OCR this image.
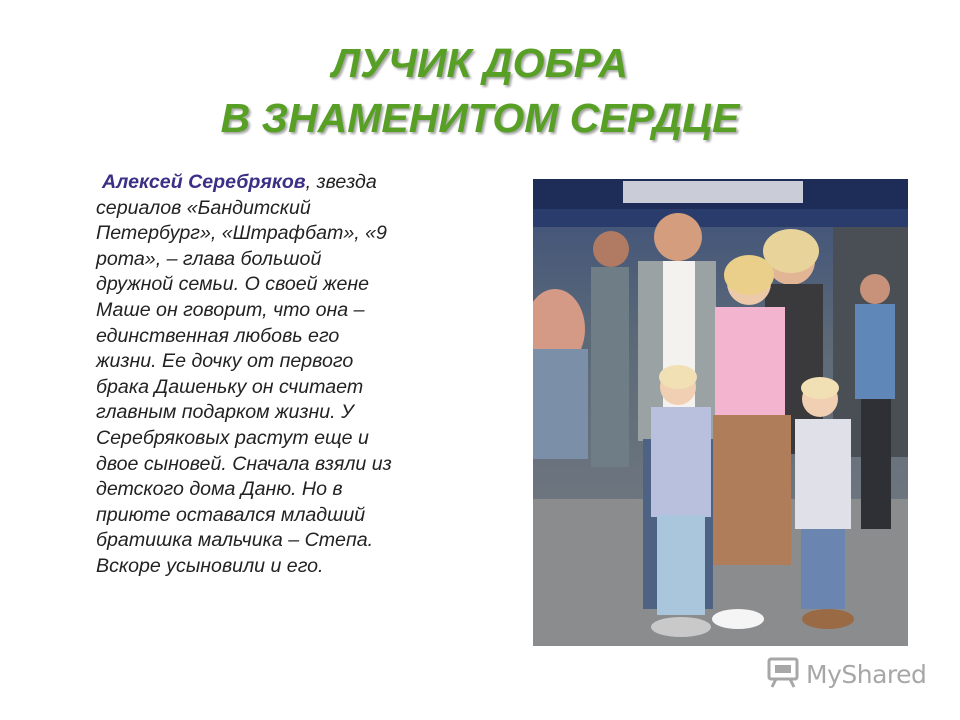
ЛУЧИК ДОБРА
В ЗНАМЕНИТОМ СЕРДЦЕ
Алексей Серебряков, звезда
сериалов «Бандитский
Петербург», «Штрафбат», «9
рота», – глава большой
дружной семьи. О своей жене
Маше он говорит, что она –
единственная любовь его
жизни. Ее дочку от первого
брака Дашеньку он считает
главным подарком жизни. У
Серебряковых растут еще и
двое сыновей. Сначала взяли из
детского дома Даню. Но в
приюте оставался младший
братишка мальчика – Степа.
Вскоре усыновили и его.
MyShared
